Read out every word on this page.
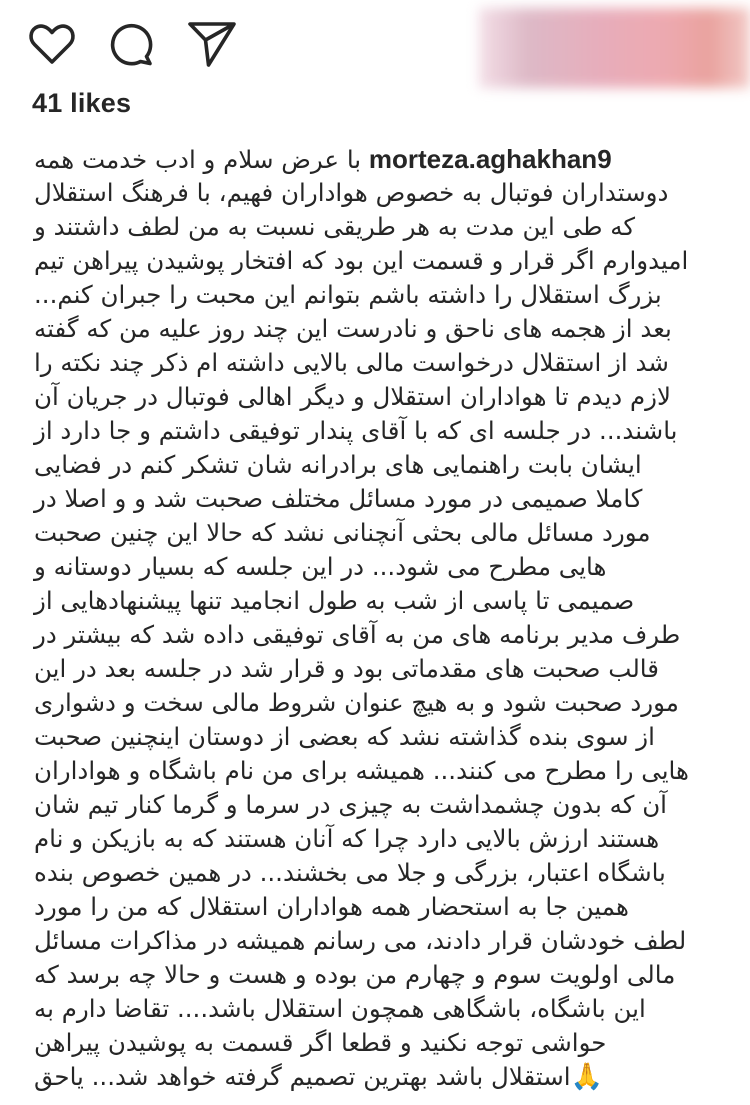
41 likes
با عرض سلام و ادب خدمت همه morteza.aghakhan9
دوستداران فوتبال به خصوص هواداران فهیم، با فرهنگ استقلال
که طی این مدت به هر طریقی نسبت به من لطف داشتند و
امیدوارم اگر قرار و قسمت این بود که افتخار پوشیدن پیراهن تیم
بزرگ استقلال را داشته باشم بتوانم این محبت را جبران کنم...
بعد از هجمه های ناحق و نادرست این چند روز علیه من که گفته
شد از استقلال درخواست مالی بالایی داشته ام ذکر چند نکته را
لازم دیدم تا هواداران استقلال و دیگر اهالی فوتبال در جریان آن
باشند... در جلسه ای که با آقای پندار توفیقی داشتم و جا دارد از
ایشان بابت راهنمایی های برادرانه شان تشکر کنم در فضایی
کاملا صمیمی در مورد مسائل مختلف صحبت شد و و اصلا در
مورد مسائل مالی بحثی آنچنانی نشد که حالا این چنین صحبت
هایی مطرح می شود... در این جلسه که بسیار دوستانه و
صمیمی تا پاسی از شب به طول انجامید تنها پیشنهادهایی از
طرف مدیر برنامه های من به آقای توفیقی داده شد که بیشتر در
قالب صحبت های مقدماتی بود و قرار شد در جلسه بعد در این
مورد صحبت شود و به هیچ عنوان شروط مالی سخت و دشواری
از سوی بنده گذاشته نشد که بعضی از دوستان اینچنین صحبت
هایی را مطرح می کنند... همیشه برای من نام باشگاه و هواداران
آن که بدون چشمداشت به چیزی در سرما و گرما کنار تیم شان
هستند ارزش بالایی دارد چرا که آنان هستند که به بازیکن و نام
باشگاه اعتبار، بزرگی و جلا می بخشند... در همین خصوص بنده
همین جا به استحضار همه هواداران استقلال که من را مورد
لطف خودشان قرار دادند، می رسانم همیشه در مذاکرات مسائل
مالی اولویت سوم و چهارم من بوده و هست و حالا چه برسد که
این باشگاه، باشگاهی همچون استقلال باشد.... تقاضا دارم به
حواشی توجه نکنید و قطعا اگر قسمت به پوشیدن پیراهن
استقلال باشد بهترین تصمیم گرفته خواهد شد... یاحق🙏
